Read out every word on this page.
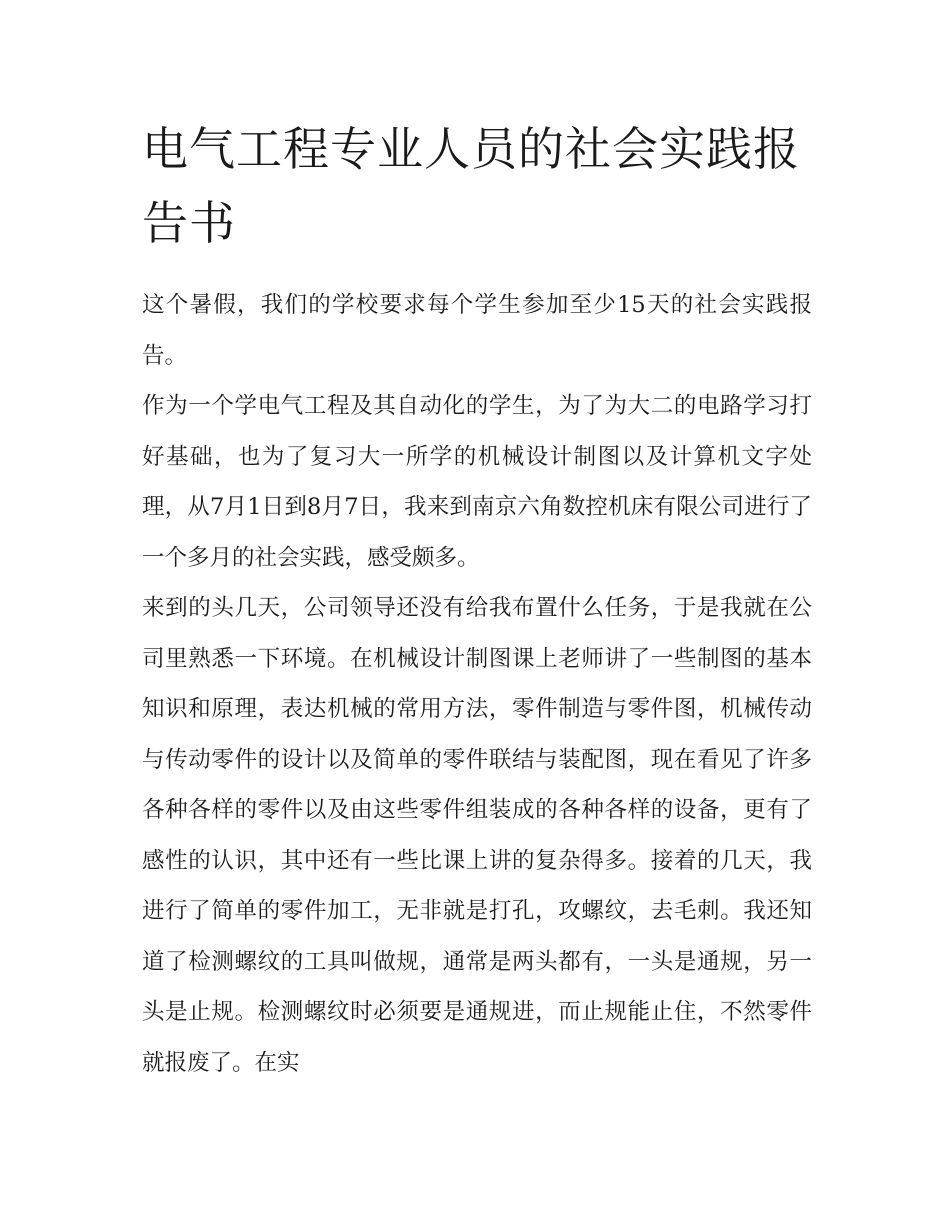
电气工程专业人员的社会实践报告书

这个暑假，我们的学校要求每个学生参加至少15天的社会实践报告。

作为一个学电气工程及其自动化的学生，为了为大二的电路学习打好基础，也为了复习大一所学的机械设计制图以及计算机文字处理，从7月1日到8月7日，我来到南京六角数控机床有限公司进行了一个多月的社会实践，感受颇多。

来到的头几天，公司领导还没有给我布置什么任务，于是我就在公司里熟悉一下环境。在机械设计制图课上老师讲了一些制图的基本知识和原理，表达机械的常用方法，零件制造与零件图，机械传动与传动零件的设计以及简单的零件联结与装配图，现在看见了许多各种各样的零件以及由这些零件组装成的各种各样的设备，更有了感性的认识，其中还有一些比课上讲的复杂得多。接着的几天，我进行了简单的零件加工，无非就是打孔，攻螺纹，去毛刺。我还知道了检测螺纹的工具叫做规，通常是两头都有，一头是通规，另一头是止规。检测螺纹时必须要是通规进，而止规能止住，不然零件就报废了。在实
